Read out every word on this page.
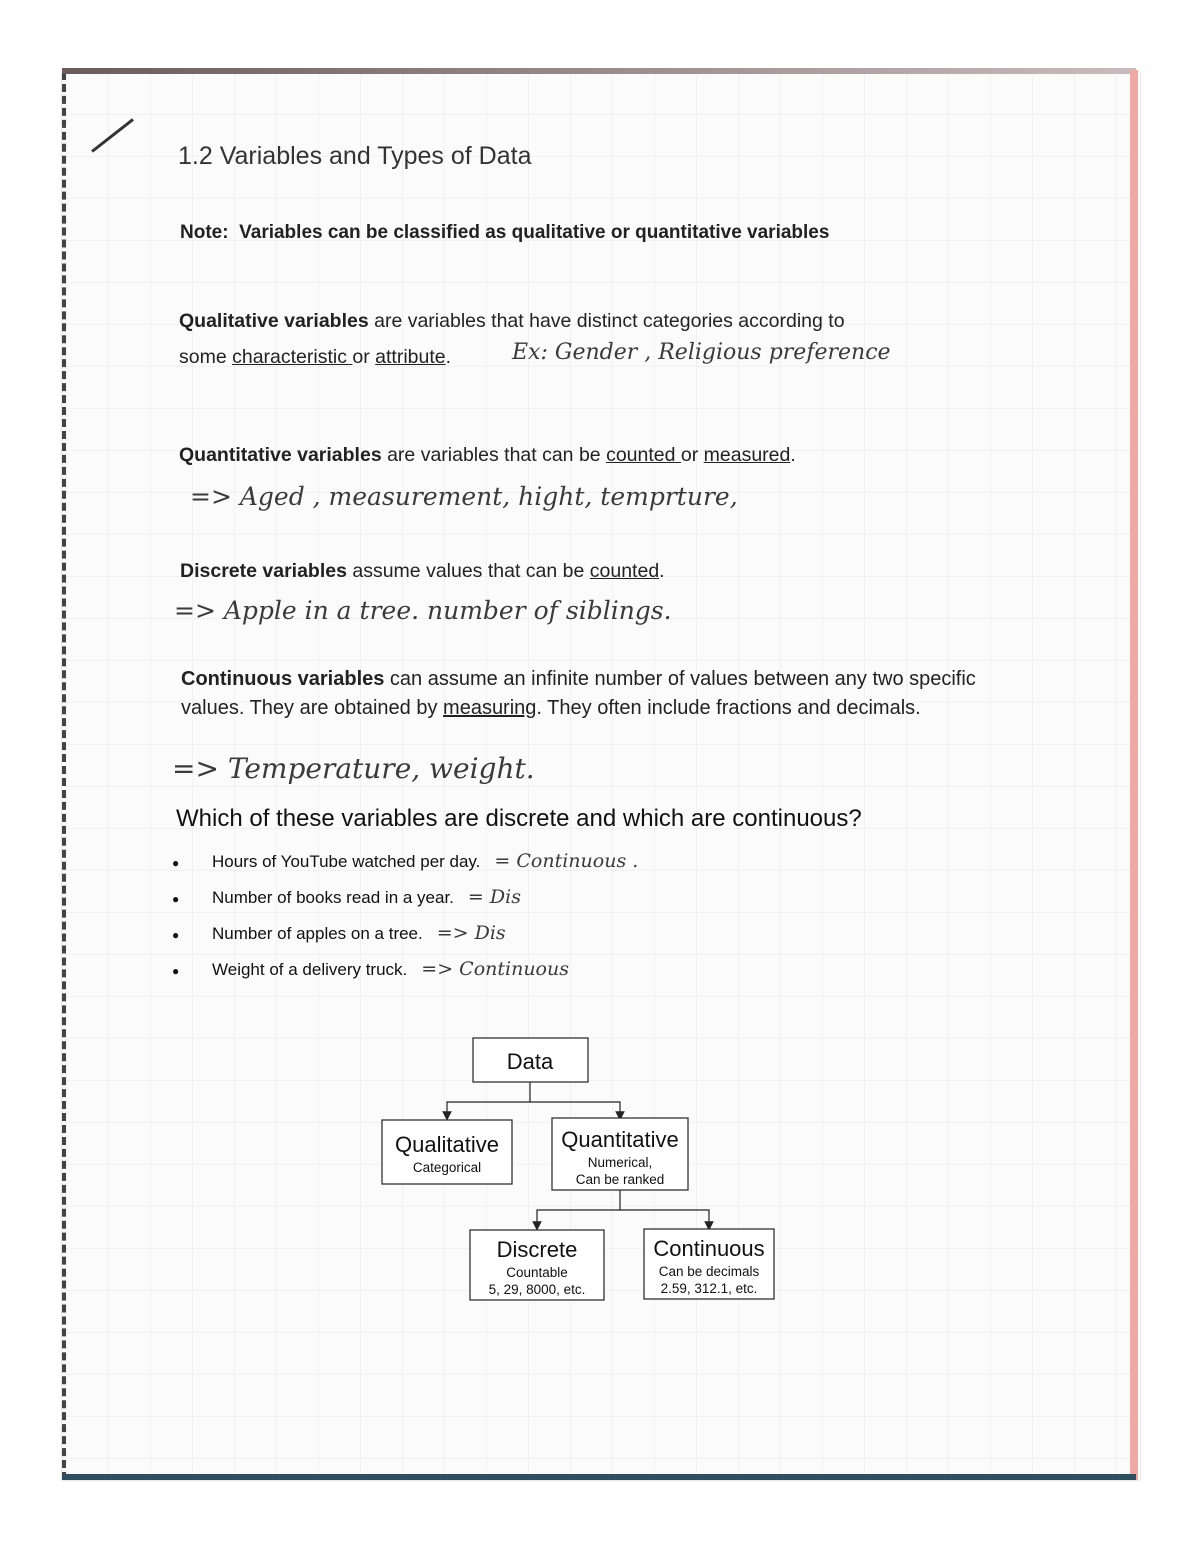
1.2 Variables and Types of Data
Note: Variables can be classified as qualitative or quantitative variables
Qualitative variables are variables that have distinct categories according to
some characteristic or attribute.	Ex: Gender , Religious preference
Quantitative variables are variables that can be counted or measured.
=> Aged , measurement, hight, temprture,
Discrete variables assume values that can be counted.
=> Apple in a tree. number of siblings.
Continuous variables can assume an infinite number of values between any two specific
values. They are obtained by measuring. They often include fractions and decimals.
=> Temperature, weight.
Which of these variables are discrete and which are continuous?
●	Hours of YouTube watched per day. = Continuous .
●	Number of books read in a year. = Dis
●	Number of apples on a tree. => Dis
●	Weight of a delivery truck. => Continuous
Data
Qualitative
Categorical
Quantitative
Numerical,
Can be ranked
Discrete
Countable
5, 29, 8000, etc.
Continuous
Can be decimals
2.59, 312.1, etc.
